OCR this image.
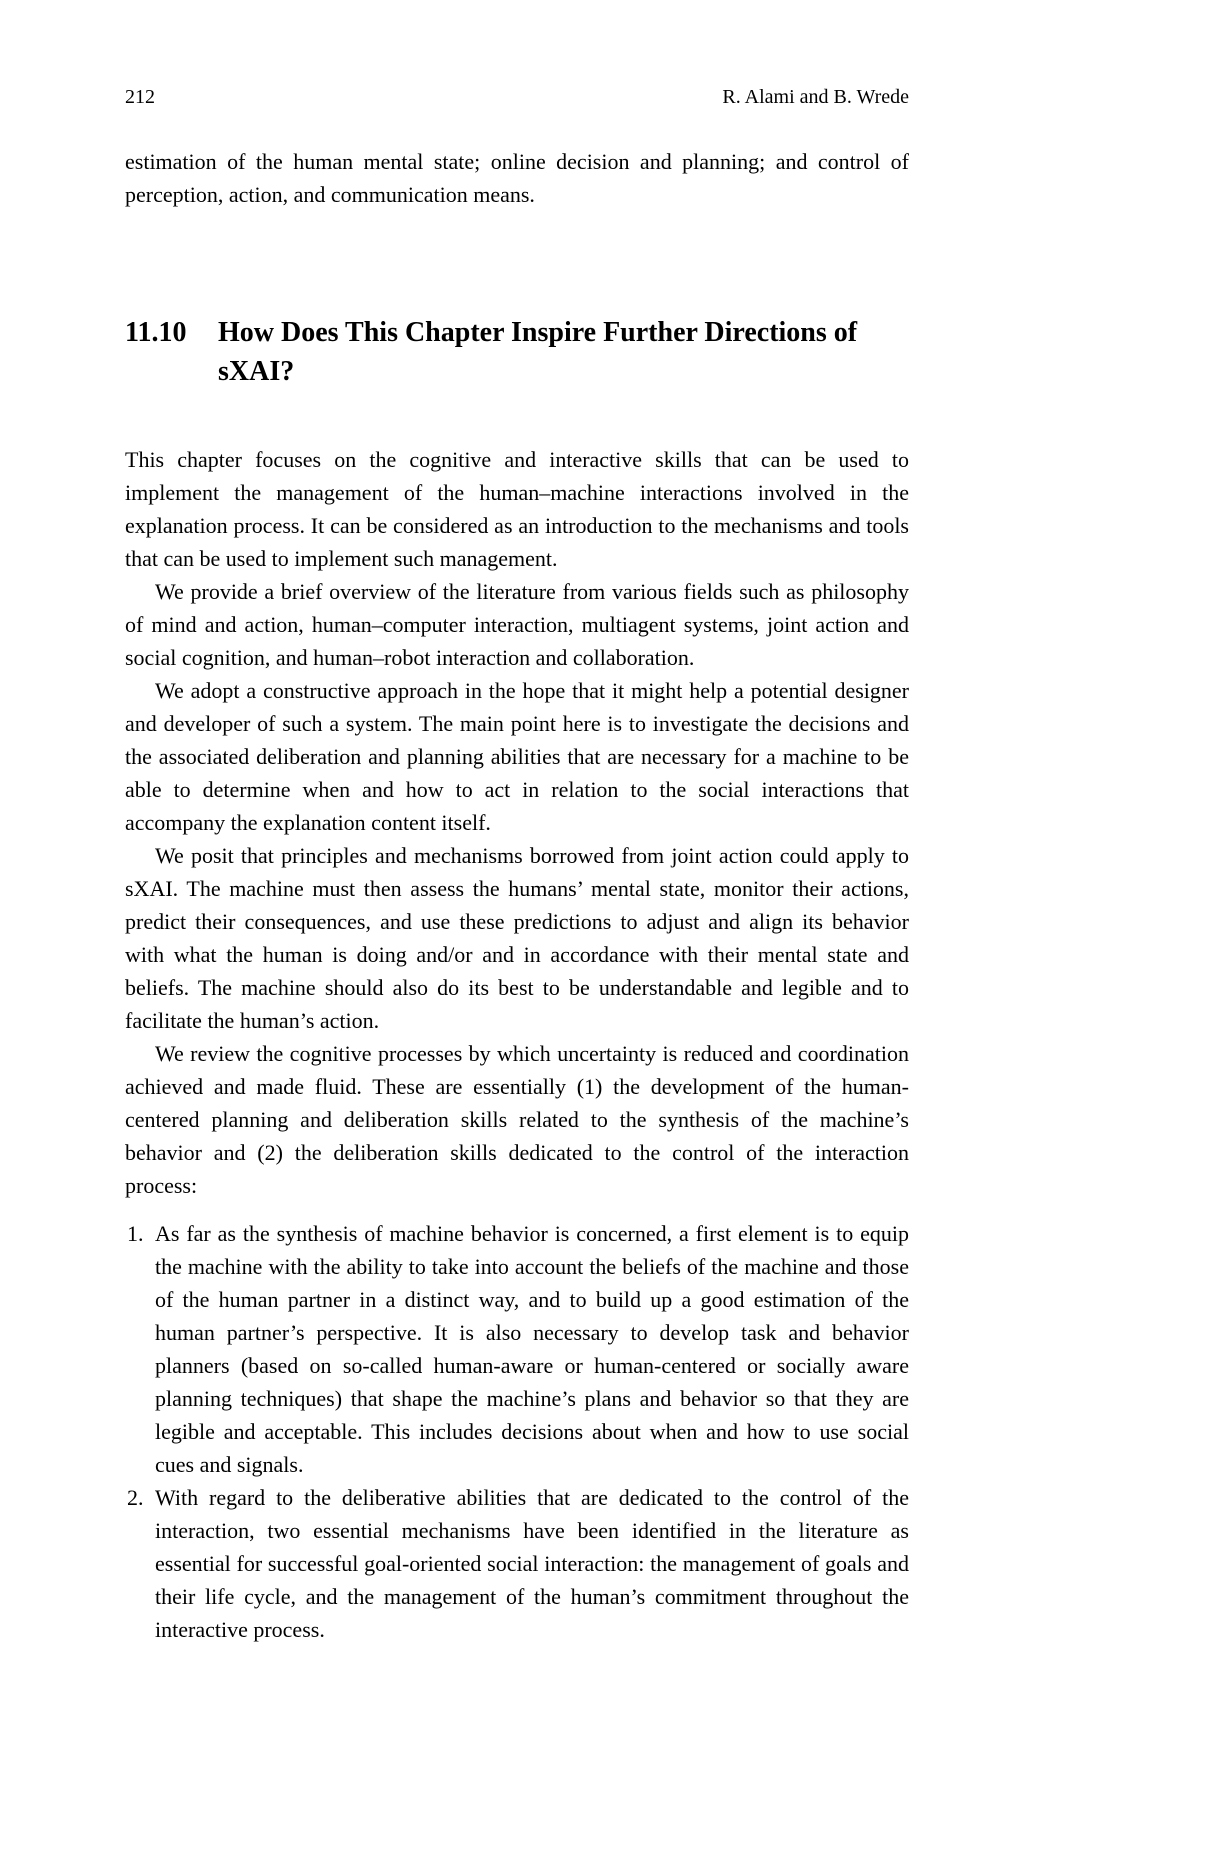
212	R. Alami and B. Wrede

estimation of the human mental state; online decision and planning; and control of perception, action, and communication means.

11.10	How Does This Chapter Inspire Further Directions of
sXAI?

This chapter focuses on the cognitive and interactive skills that can be used to implement the management of the human–machine interactions involved in the explanation process. It can be considered as an introduction to the mechanisms and tools that can be used to implement such management.

We provide a brief overview of the literature from various fields such as philosophy of mind and action, human–computer interaction, multiagent systems, joint action and social cognition, and human–robot interaction and collaboration.

We adopt a constructive approach in the hope that it might help a potential designer and developer of such a system. The main point here is to investigate the decisions and the associated deliberation and planning abilities that are necessary for a machine to be able to determine when and how to act in relation to the social interactions that accompany the explanation content itself.

We posit that principles and mechanisms borrowed from joint action could apply to sXAI. The machine must then assess the humans’ mental state, monitor their actions, predict their consequences, and use these predictions to adjust and align its behavior with what the human is doing and/or and in accordance with their mental state and beliefs. The machine should also do its best to be understandable and legible and to facilitate the human’s action.

We review the cognitive processes by which uncertainty is reduced and coordination achieved and made fluid. These are essentially (1) the development of the human-centered planning and deliberation skills related to the synthesis of the machine’s behavior and (2) the deliberation skills dedicated to the control of the interaction process:

1. As far as the synthesis of machine behavior is concerned, a first element is to equip the machine with the ability to take into account the beliefs of the machine and those of the human partner in a distinct way, and to build up a good estimation of the human partner’s perspective. It is also necessary to develop task and behavior planners (based on so-called human-aware or human-centered or socially aware planning techniques) that shape the machine’s plans and behavior so that they are legible and acceptable. This includes decisions about when and how to use social cues and signals.
2. With regard to the deliberative abilities that are dedicated to the control of the interaction, two essential mechanisms have been identified in the literature as essential for successful goal-oriented social interaction: the management of goals and their life cycle, and the management of the human’s commitment throughout the interactive process.
